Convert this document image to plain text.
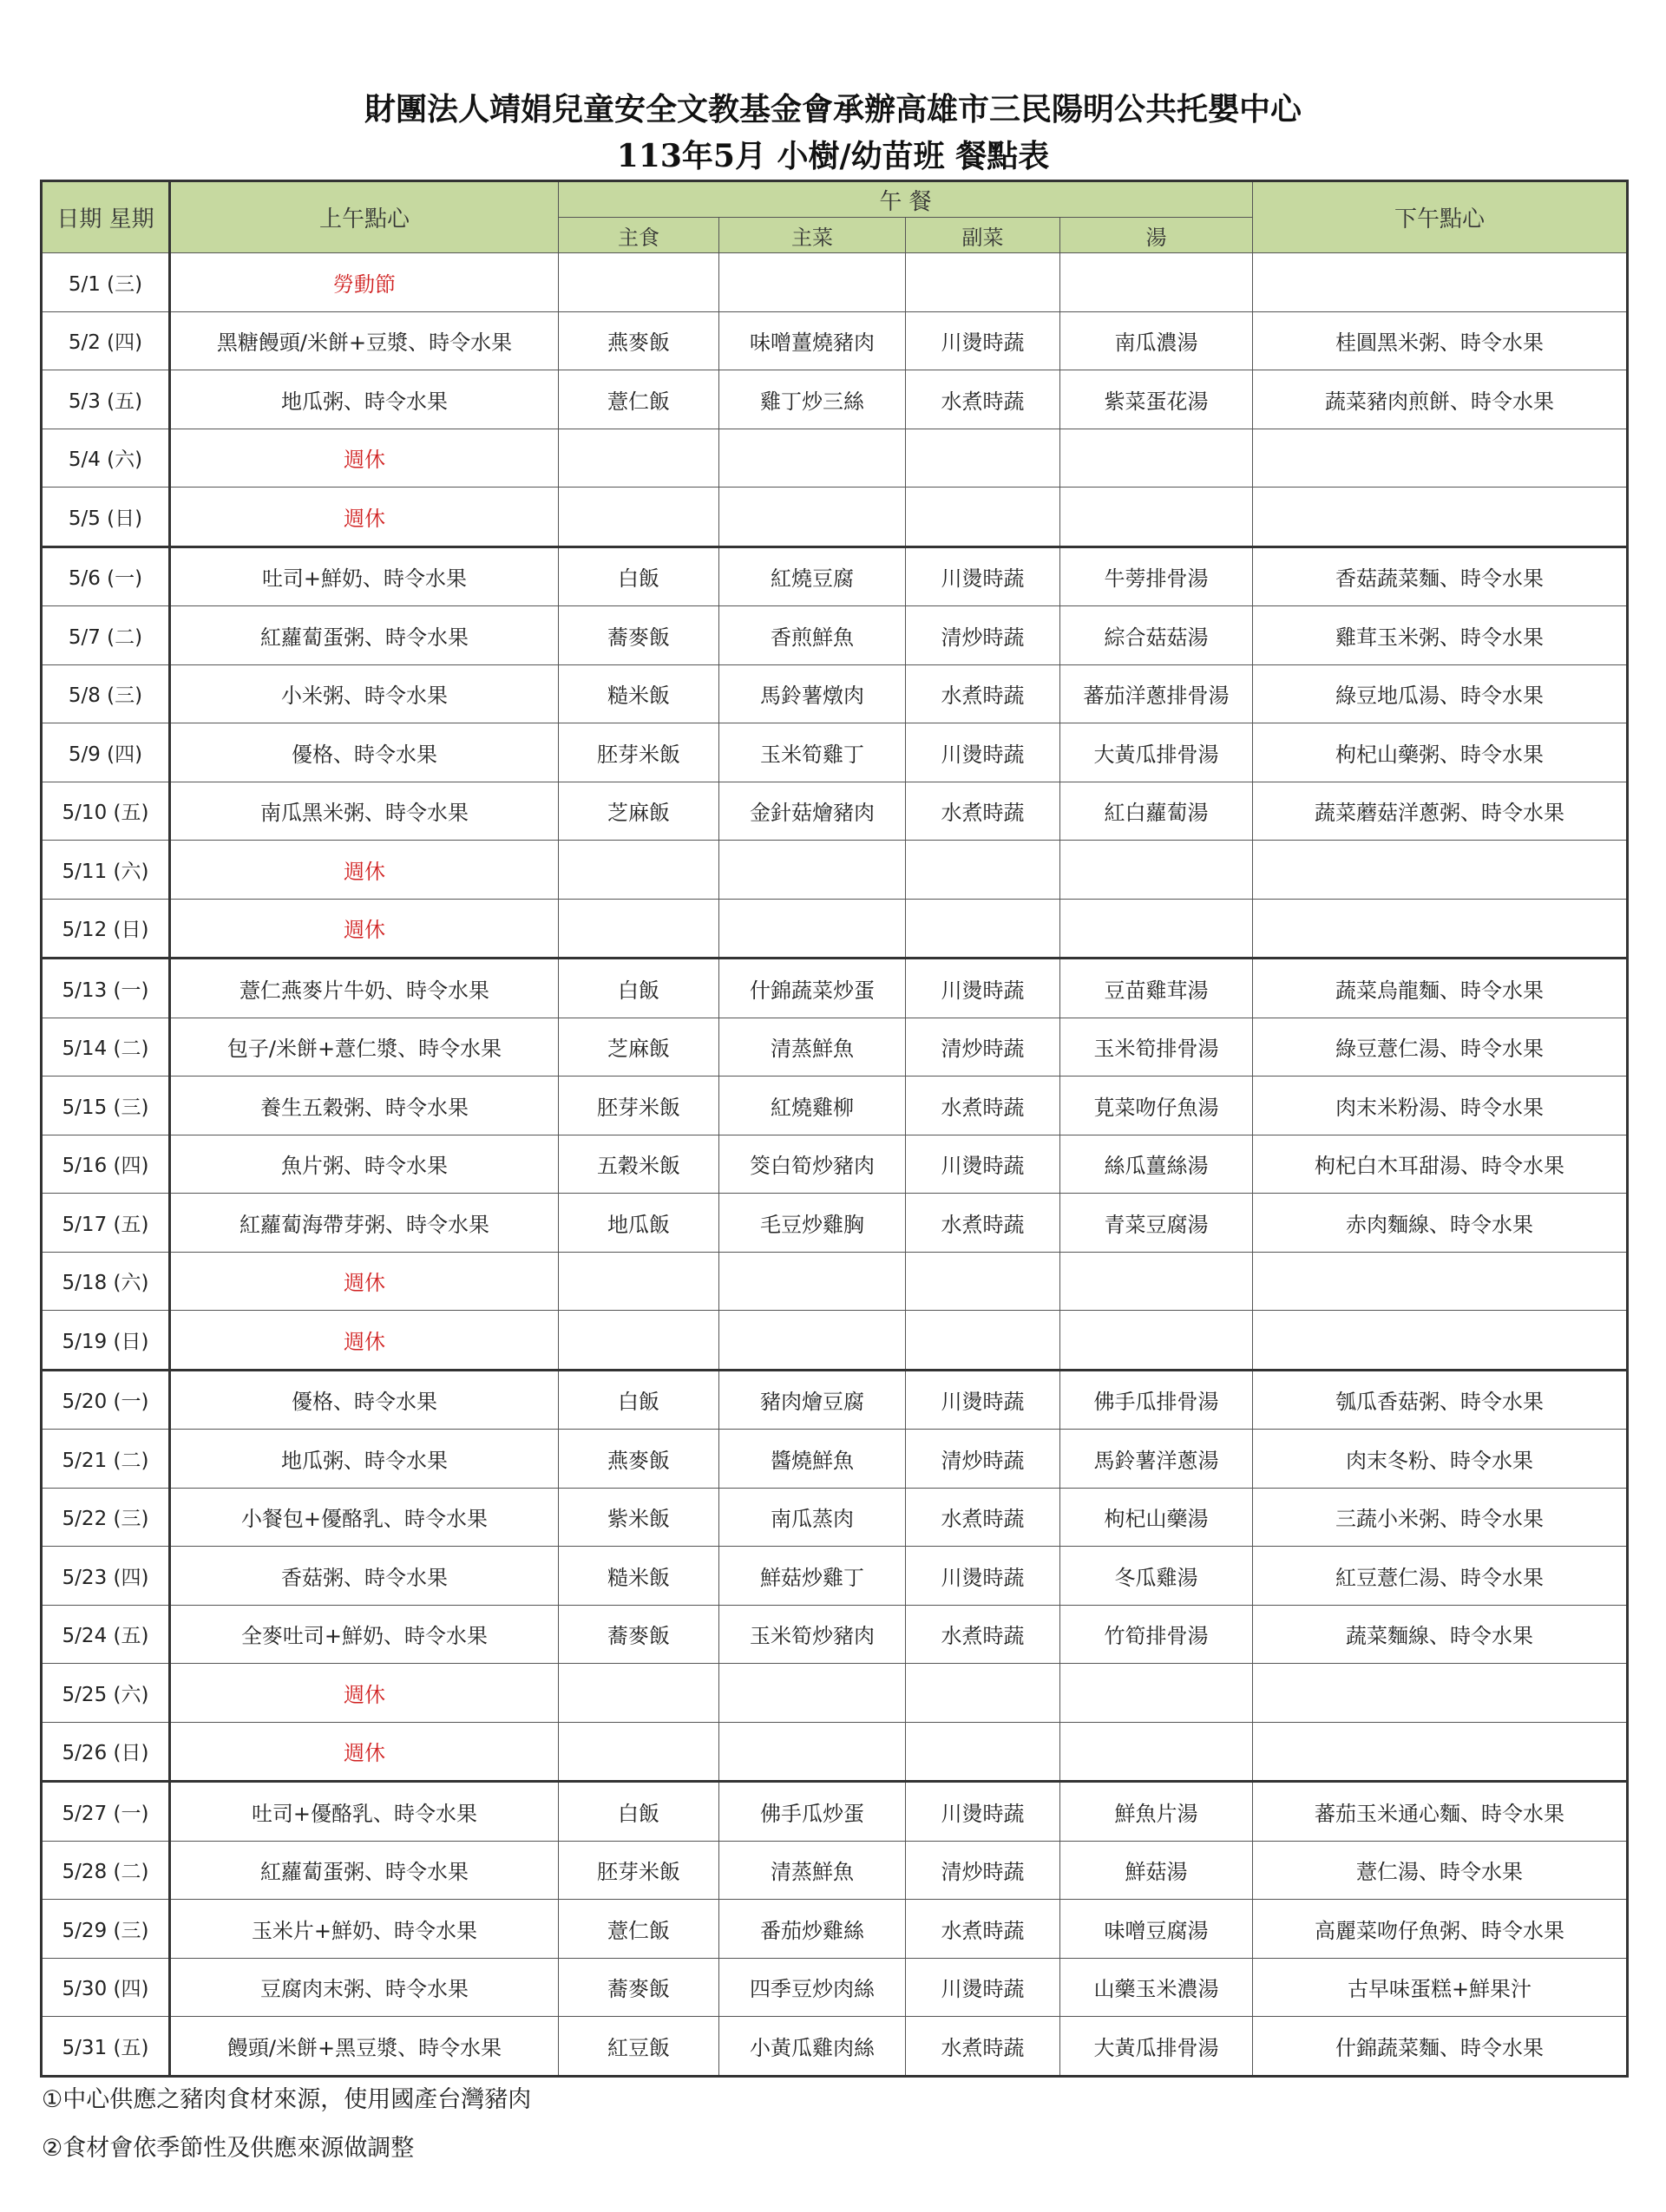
財團法人靖娟兒童安全文教基金會承辦高雄市三民陽明公共托嬰中心
113年5月 小樹/幼苗班 餐點表
日期 星期	上午點心	午 餐				下午點心
		主食	主菜	副菜	湯	
5/1 (三)	勞動節					
5/2 (四)	黑糖饅頭/米餅+豆漿、時令水果	燕麥飯	味噌薑燒豬肉	川燙時蔬	南瓜濃湯	桂圓黑米粥、時令水果
5/3 (五)	地瓜粥、時令水果	薏仁飯	雞丁炒三絲	水煮時蔬	紫菜蛋花湯	蔬菜豬肉煎餅、時令水果
5/4 (六)	週休					
5/5 (日)	週休					
5/6 (一)	吐司+鮮奶、時令水果	白飯	紅燒豆腐	川燙時蔬	牛蒡排骨湯	香菇蔬菜麵、時令水果
5/7 (二)	紅蘿蔔蛋粥、時令水果	蕎麥飯	香煎鮮魚	清炒時蔬	綜合菇菇湯	雞茸玉米粥、時令水果
5/8 (三)	小米粥、時令水果	糙米飯	馬鈴薯燉肉	水煮時蔬	蕃茄洋蔥排骨湯	綠豆地瓜湯、時令水果
5/9 (四)	優格、時令水果	胚芽米飯	玉米筍雞丁	川燙時蔬	大黃瓜排骨湯	枸杞山藥粥、時令水果
5/10 (五)	南瓜黑米粥、時令水果	芝麻飯	金針菇燴豬肉	水煮時蔬	紅白蘿蔔湯	蔬菜蘑菇洋蔥粥、時令水果
5/11 (六)	週休					
5/12 (日)	週休					
5/13 (一)	薏仁燕麥片牛奶、時令水果	白飯	什錦蔬菜炒蛋	川燙時蔬	豆苗雞茸湯	蔬菜烏龍麵、時令水果
5/14 (二)	包子/米餅+薏仁漿、時令水果	芝麻飯	清蒸鮮魚	清炒時蔬	玉米筍排骨湯	綠豆薏仁湯、時令水果
5/15 (三)	養生五穀粥、時令水果	胚芽米飯	紅燒雞柳	水煮時蔬	莧菜吻仔魚湯	肉末米粉湯、時令水果
5/16 (四)	魚片粥、時令水果	五穀米飯	筊白筍炒豬肉	川燙時蔬	絲瓜薑絲湯	枸杞白木耳甜湯、時令水果
5/17 (五)	紅蘿蔔海帶芽粥、時令水果	地瓜飯	毛豆炒雞胸	水煮時蔬	青菜豆腐湯	赤肉麵線、時令水果
5/18 (六)	週休					
5/19 (日)	週休					
5/20 (一)	優格、時令水果	白飯	豬肉燴豆腐	川燙時蔬	佛手瓜排骨湯	瓠瓜香菇粥、時令水果
5/21 (二)	地瓜粥、時令水果	燕麥飯	醬燒鮮魚	清炒時蔬	馬鈴薯洋蔥湯	肉末冬粉、時令水果
5/22 (三)	小餐包+優酪乳、時令水果	紫米飯	南瓜蒸肉	水煮時蔬	枸杞山藥湯	三蔬小米粥、時令水果
5/23 (四)	香菇粥、時令水果	糙米飯	鮮菇炒雞丁	川燙時蔬	冬瓜雞湯	紅豆薏仁湯、時令水果
5/24 (五)	全麥吐司+鮮奶、時令水果	蕎麥飯	玉米筍炒豬肉	水煮時蔬	竹筍排骨湯	蔬菜麵線、時令水果
5/25 (六)	週休					
5/26 (日)	週休					
5/27 (一)	吐司+優酪乳、時令水果	白飯	佛手瓜炒蛋	川燙時蔬	鮮魚片湯	蕃茄玉米通心麵、時令水果
5/28 (二)	紅蘿蔔蛋粥、時令水果	胚芽米飯	清蒸鮮魚	清炒時蔬	鮮菇湯	薏仁湯、時令水果
5/29 (三)	玉米片+鮮奶、時令水果	薏仁飯	番茄炒雞絲	水煮時蔬	味噌豆腐湯	高麗菜吻仔魚粥、時令水果
5/30 (四)	豆腐肉末粥、時令水果	蕎麥飯	四季豆炒肉絲	川燙時蔬	山藥玉米濃湯	古早味蛋糕+鮮果汁
5/31 (五)	饅頭/米餅+黑豆漿、時令水果	紅豆飯	小黃瓜雞肉絲	水煮時蔬	大黃瓜排骨湯	什錦蔬菜麵、時令水果
①中心供應之豬肉食材來源，使用國產台灣豬肉
②食材會依季節性及供應來源做調整
